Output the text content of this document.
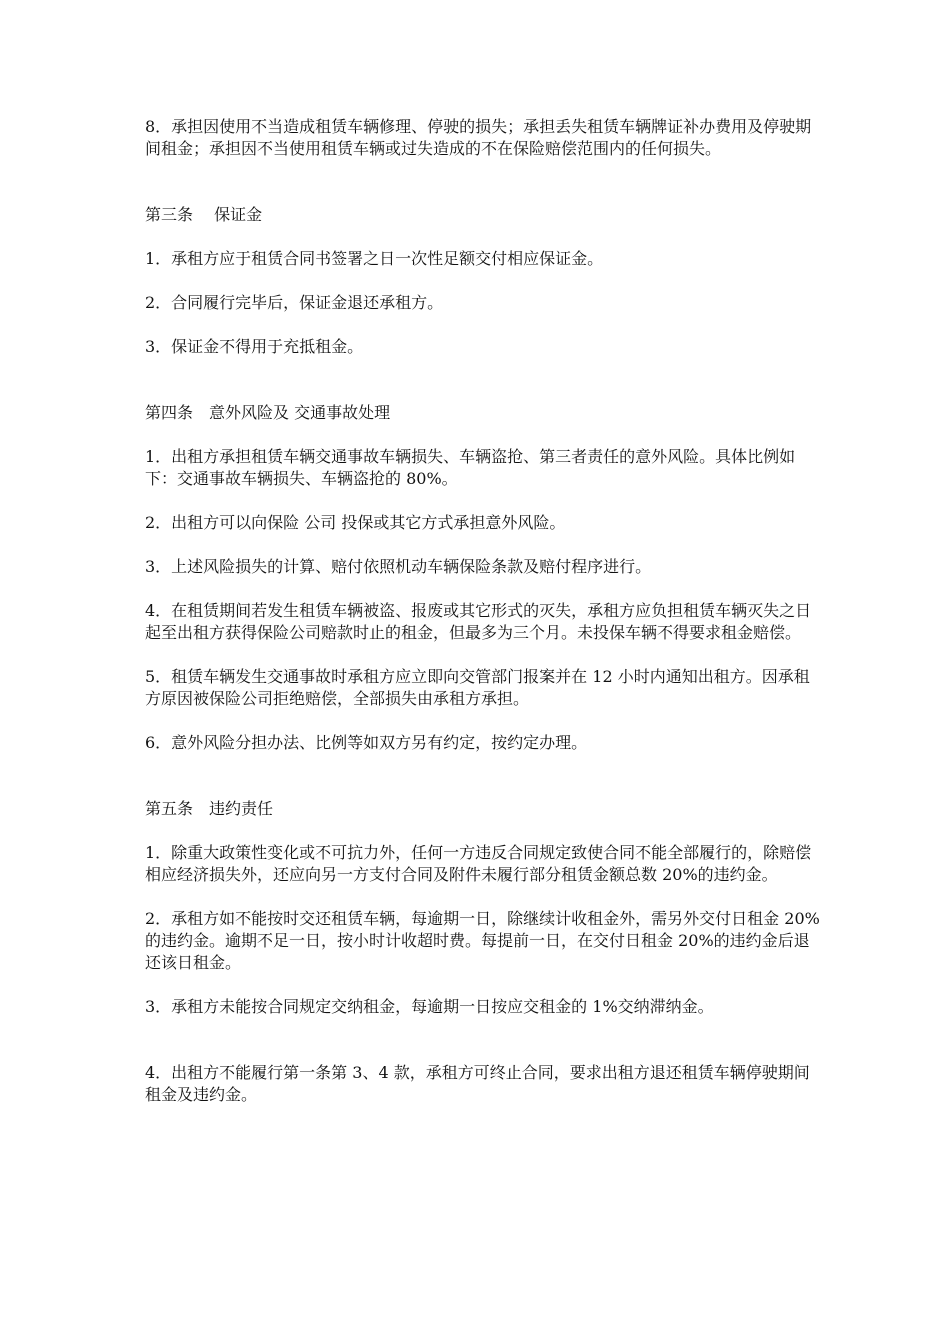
8．承担因使用不当造成租赁车辆修理、停驶的损失；承担丢失租赁车辆牌证补办费用及停驶期间租金；承担因不当使用租赁车辆或过失造成的不在保险赔偿范围内的任何损失。

第三条　 保证金

1．承租方应于租赁合同书签署之日一次性足额交付相应保证金。

2．合同履行完毕后，保证金退还承租方。

3．保证金不得用于充抵租金。

第四条　意外风险及 交通事故处理

1．出租方承担租赁车辆交通事故车辆损失、车辆盗抢、第三者责任的意外风险。具体比例如下：交通事故车辆损失、车辆盗抢的 80%。

2．出租方可以向保险 公司 投保或其它方式承担意外风险。

3．上述风险损失的计算、赔付依照机动车辆保险条款及赔付程序进行。

4．在租赁期间若发生租赁车辆被盗、报废或其它形式的灭失，承租方应负担租赁车辆灭失之日起至出租方获得保险公司赔款时止的租金，但最多为三个月。未投保车辆不得要求租金赔偿。

5．租赁车辆发生交通事故时承租方应立即向交管部门报案并在 12 小时内通知出租方。因承租方原因被保险公司拒绝赔偿，全部损失由承租方承担。

6．意外风险分担办法、比例等如双方另有约定，按约定办理。

第五条　违约责任

1．除重大政策性变化或不可抗力外，任何一方违反合同规定致使合同不能全部履行的，除赔偿相应经济损失外，还应向另一方支付合同及附件未履行部分租赁金额总数 20%的违约金。

2．承租方如不能按时交还租赁车辆，每逾期一日，除继续计收租金外，需另外交付日租金 20%的违约金。逾期不足一日，按小时计收超时费。每提前一日，在交付日租金 20%的违约金后退还该日租金。

3．承租方未能按合同规定交纳租金，每逾期一日按应交租金的 1%交纳滞纳金。

4．出租方不能履行第一条第 3、4 款，承租方可终止合同，要求出租方退还租赁车辆停驶期间租金及违约金。
